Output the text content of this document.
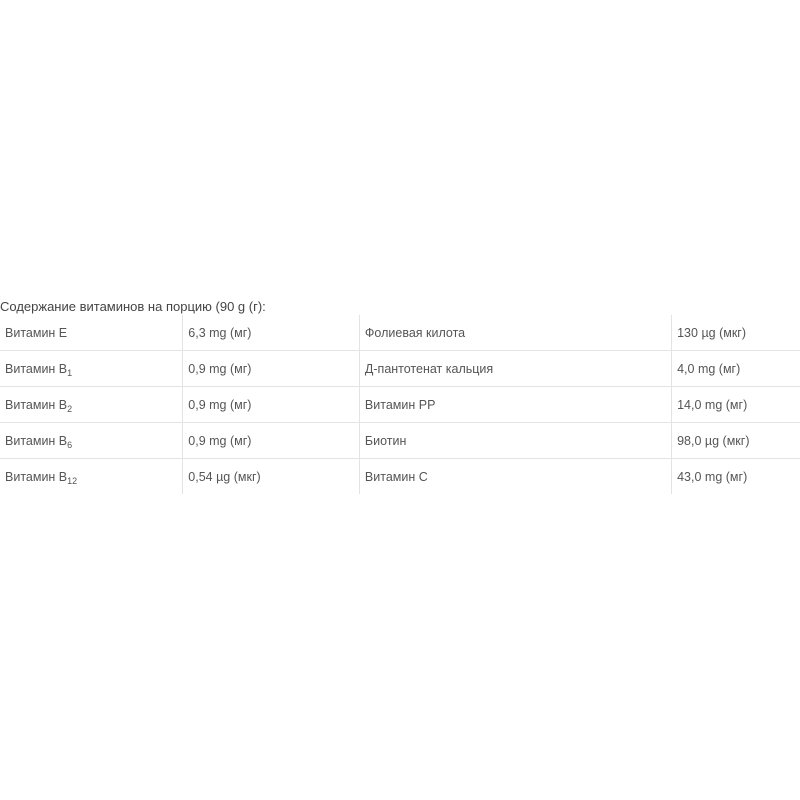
Содержание витаминов на порцию (90 g (г):
Витамин E	6,3 mg (мг)	Фолиевая килота	130 µg (мкг)
Витамин $B_1$	0,9 mg (мг)	Д-пантотенат кальция	4,0 mg (мг)
Витамин $B_2$	0,9 mg (мг)	Витамин PP	14,0 mg (мг)
Витамин $B_6$	0,9 mg (мг)	Биотин	98,0 µg (мкг)
Витамин $B_{12}$	0,54 µg (мкг)	Витамин C	43,0 mg (мг)
